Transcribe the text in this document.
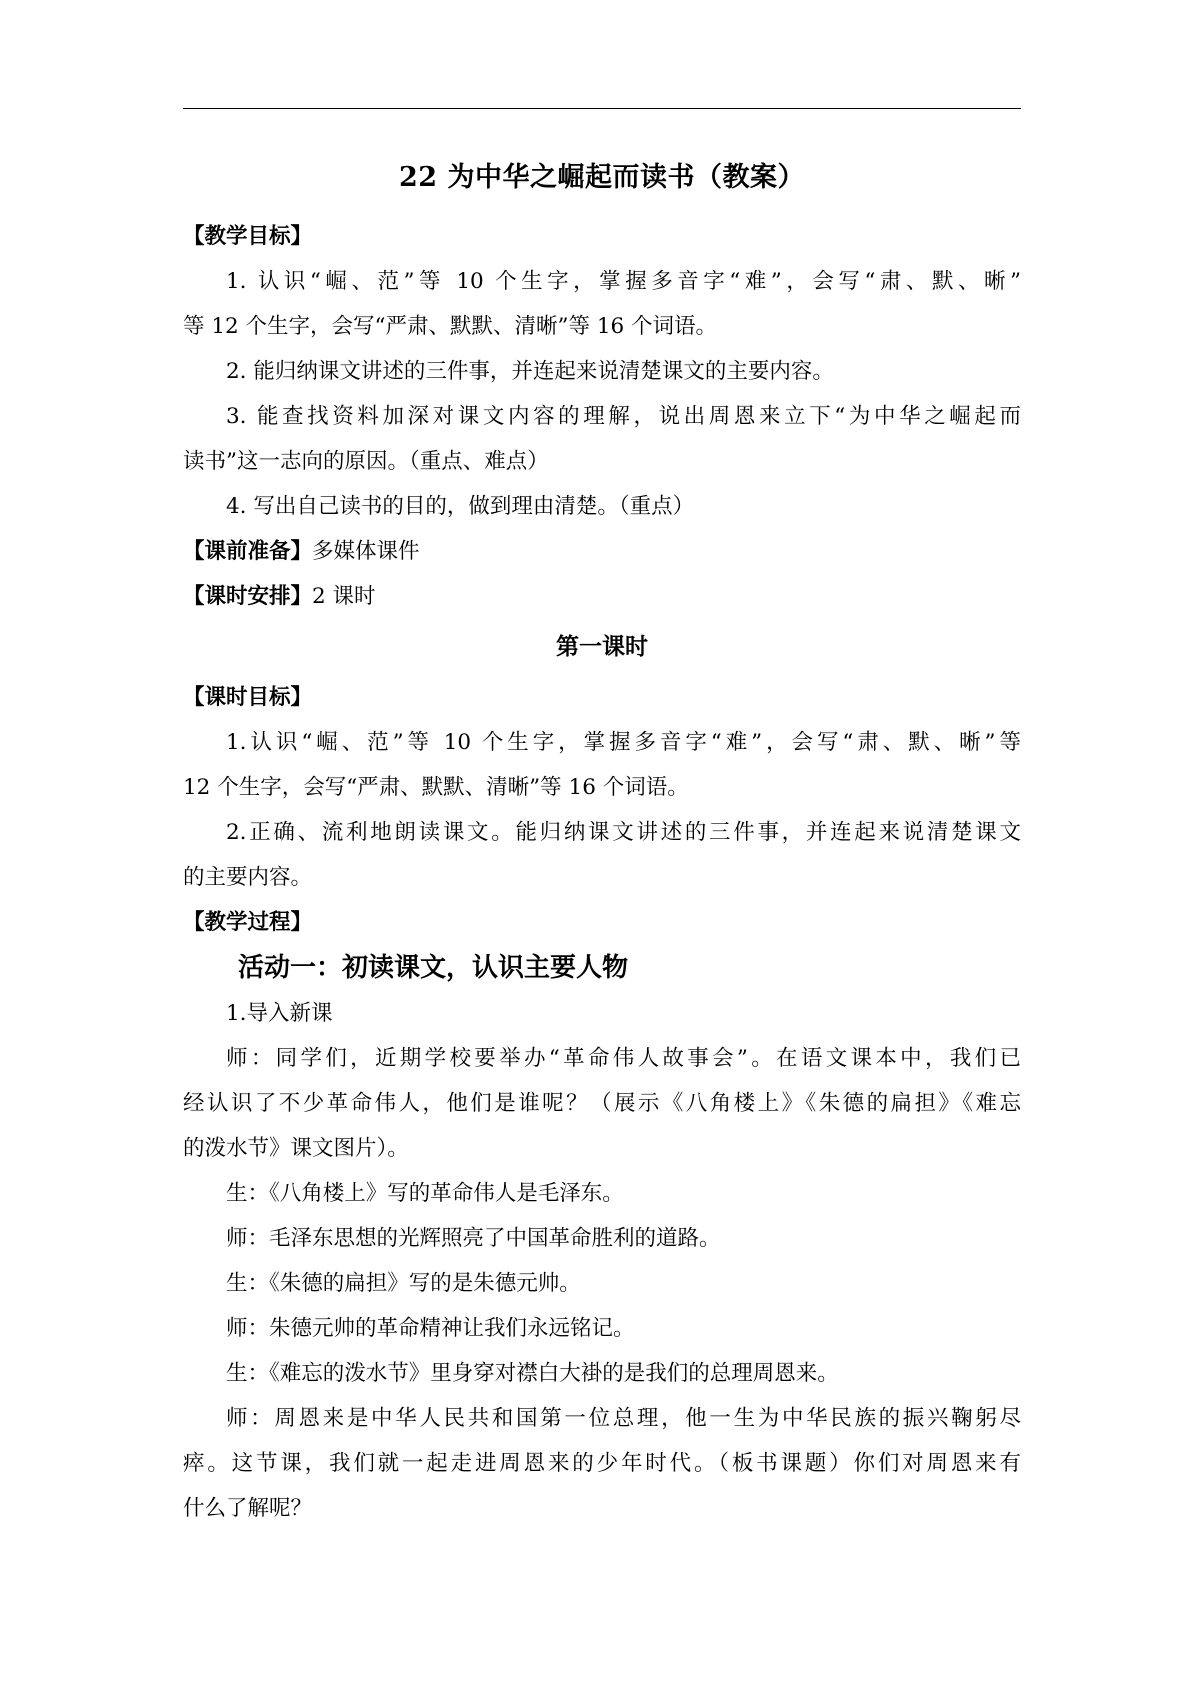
22 为中华之崛起而读书（教案）
【教学目标】
1. 认识“崛、范”等 10 个生字，掌握多音字“难”，会写“肃、默、晰”
等 12 个生字，会写“严肃、默默、清晰”等 16 个词语。
2. 能归纳课文讲述的三件事，并连起来说清楚课文的主要内容。
3. 能查找资料加深对课文内容的理解，说出周恩来立下“为中华之崛起而
读书”这一志向的原因。（重点、难点）
4. 写出自己读书的目的，做到理由清楚。（重点）
【课前准备】多媒体课件
【课时安排】2 课时
第一课时
【课时目标】
1.认识“崛、范”等 10 个生字，掌握多音字“难”，会写“肃、默、晰”等
12 个生字，会写“严肃、默默、清晰”等 16 个词语。
2.正确、流利地朗读课文。能归纳课文讲述的三件事，并连起来说清楚课文
的主要内容。
【教学过程】
活动一：初读课文，认识主要人物
1.导入新课
师：同学们，近期学校要举办“革命伟人故事会”。在语文课本中，我们已
经认识了不少革命伟人，他们是谁呢？（展示《八角楼上》《朱德的扁担》《难忘
的泼水节》课文图片）。
生：《八角楼上》写的革命伟人是毛泽东。
师：毛泽东思想的光辉照亮了中国革命胜利的道路。
生：《朱德的扁担》写的是朱德元帅。
师：朱德元帅的革命精神让我们永远铭记。
生：《难忘的泼水节》里身穿对襟白大褂的是我们的总理周恩来。
师：周恩来是中华人民共和国第一位总理，他一生为中华民族的振兴鞠躬尽
瘁。这节课，我们就一起走进周恩来的少年时代。（板书课题）你们对周恩来有
什么了解呢？
